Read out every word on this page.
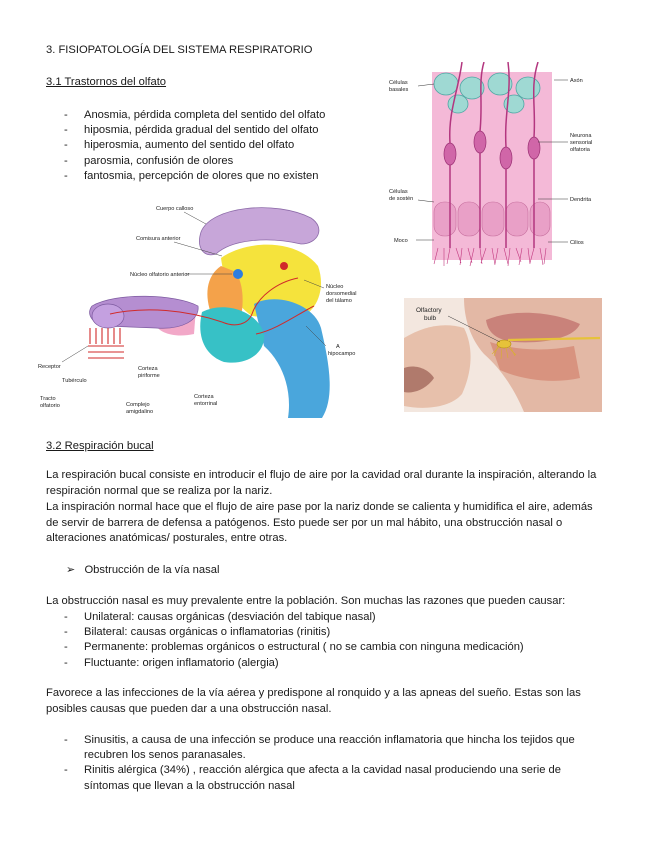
3. FISIOPATOLOGÍA DEL SISTEMA RESPIRATORIO
3.1 Trastornos del olfato
- Anosmia, pérdida completa del sentido del olfato
- hiposmia, pérdida gradual del sentido del olfato
- hiperosmia, aumento del sentido del olfato
- parosmia, confusión de olores
- fantosmia, percepción de olores que no existen
Células
basales
Axón
Neurona
sensorial
olfatoria
Células
de sostén	Dendrita
Moco	Cilios
Cuerpo calloso
Comisura anterior
Núcleo olfatorio anterior
Núcleo
dorsomedial
del tálamo
Receptor
Tubérculo
Corteza
piriforme
Tracto
olfatorio	Complejo
amigdalino
Corteza
entorrinal
A
hipocampo
Olfactory
bulb
3.2 Respiración bucal
La respiración bucal consiste en introducir el flujo de aire por la cavidad oral durante la inspiración, alterando la respiración normal que se realiza por la nariz.
La inspiración normal hace que el flujo de aire pase por la nariz donde se calienta y humidifica el aire, además de servir de barrera de defensa a patógenos. Esto puede ser por un mal hábito, una obstrucción nasal o alteraciones anatómicas/ posturales, entre otras.
➢ Obstrucción de la vía nasal
La obstrucción nasal es muy prevalente entre la población. Son muchas las razones que pueden causar:
- Unilateral: causas orgánicas (desviación del tabique nasal)
- Bilateral: causas orgánicas o inflamatorias (rinitis)
- Permanente: problemas orgánicos o estructural ( no se cambia con ninguna medicación)
- Fluctuante: origen inflamatorio (alergia)
Favorece a las infecciones de la vía aérea y predispone al ronquido y a las apneas del sueño. Estas son las posibles causas que pueden dar a una obstrucción nasal.
- Sinusitis, a causa de una infección se produce una reacción inflamatoria que hincha los tejidos que recubren los senos paranasales.
- Rinitis alérgica (34%) , reacción alérgica que afecta a la cavidad nasal produciendo una serie de síntomas que llevan a la obstrucción nasal
